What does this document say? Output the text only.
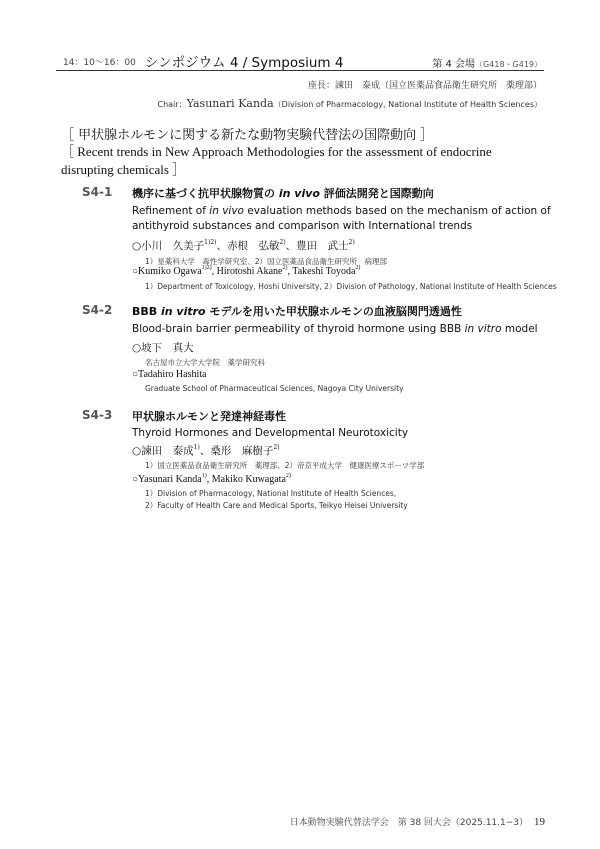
14：10～16：00 シンポジウム 4 / Symposium 4	第 4 会場（G418・G419）
座長：諫田　泰成（国立医薬品食品衛生研究所　薬理部）
Chair：Yasunari Kanda（Division of Pharmacology, National Institute of Health Sciences）
［ 甲状腺ホルモンに関する新たな動物実験代替法の国際動向 ］
［ Recent trends in New Approach Methodologies for the assessment of endocrine disrupting chemicals ］
S4-1 機序に基づく抗甲状腺物質の in vivo 評価法開発と国際動向
Refinement of in vivo evaluation methods based on the mechanism of action of antithyroid substances and comparison with International trends
○小川　久美子$^{1)2)}$、赤根　弘敏$^{2)}$、豊田　武士$^{2)}$
1）星薬科大学　毒性学研究室、2）国立医薬品食品衛生研究所　病理部
○Kumiko Ogawa$^{1)2)}$, Hirotoshi Akane$^{2)}$, Takeshi Toyoda$^{2)}$
1）Department of Toxicology, Hoshi University, 2）Division of Pathology, National Institute of Health Sciences
S4-2 BBB in vitro モデルを用いた甲状腺ホルモンの血液脳関門透過性
Blood-brain barrier permeability of thyroid hormone using BBB in vitro model
○坡下　真大
名古屋市立大学大学院　薬学研究科
○Tadahiro Hashita
Graduate School of Pharmaceutical Sciences, Nagoya City University
S4-3 甲状腺ホルモンと発達神経毒性
Thyroid Hormones and Developmental Neurotoxicity
○諫田　泰成$^{1)}$、桑形　麻樹子$^{2)}$
1）国立医薬品食品衛生研究所　薬理部、2）帝京平成大学　健康医療スポーツ学部
○Yasunari Kanda$^{1)}$, Makiko Kuwagata$^{2)}$
1）Division of Pharmacology, National Institute of Health Sciences,
2）Faculty of Health Care and Medical Sports, Teikyo Heisei University
日本動物実験代替法学会　第 38 回大会（2025.11.1−3） 19
